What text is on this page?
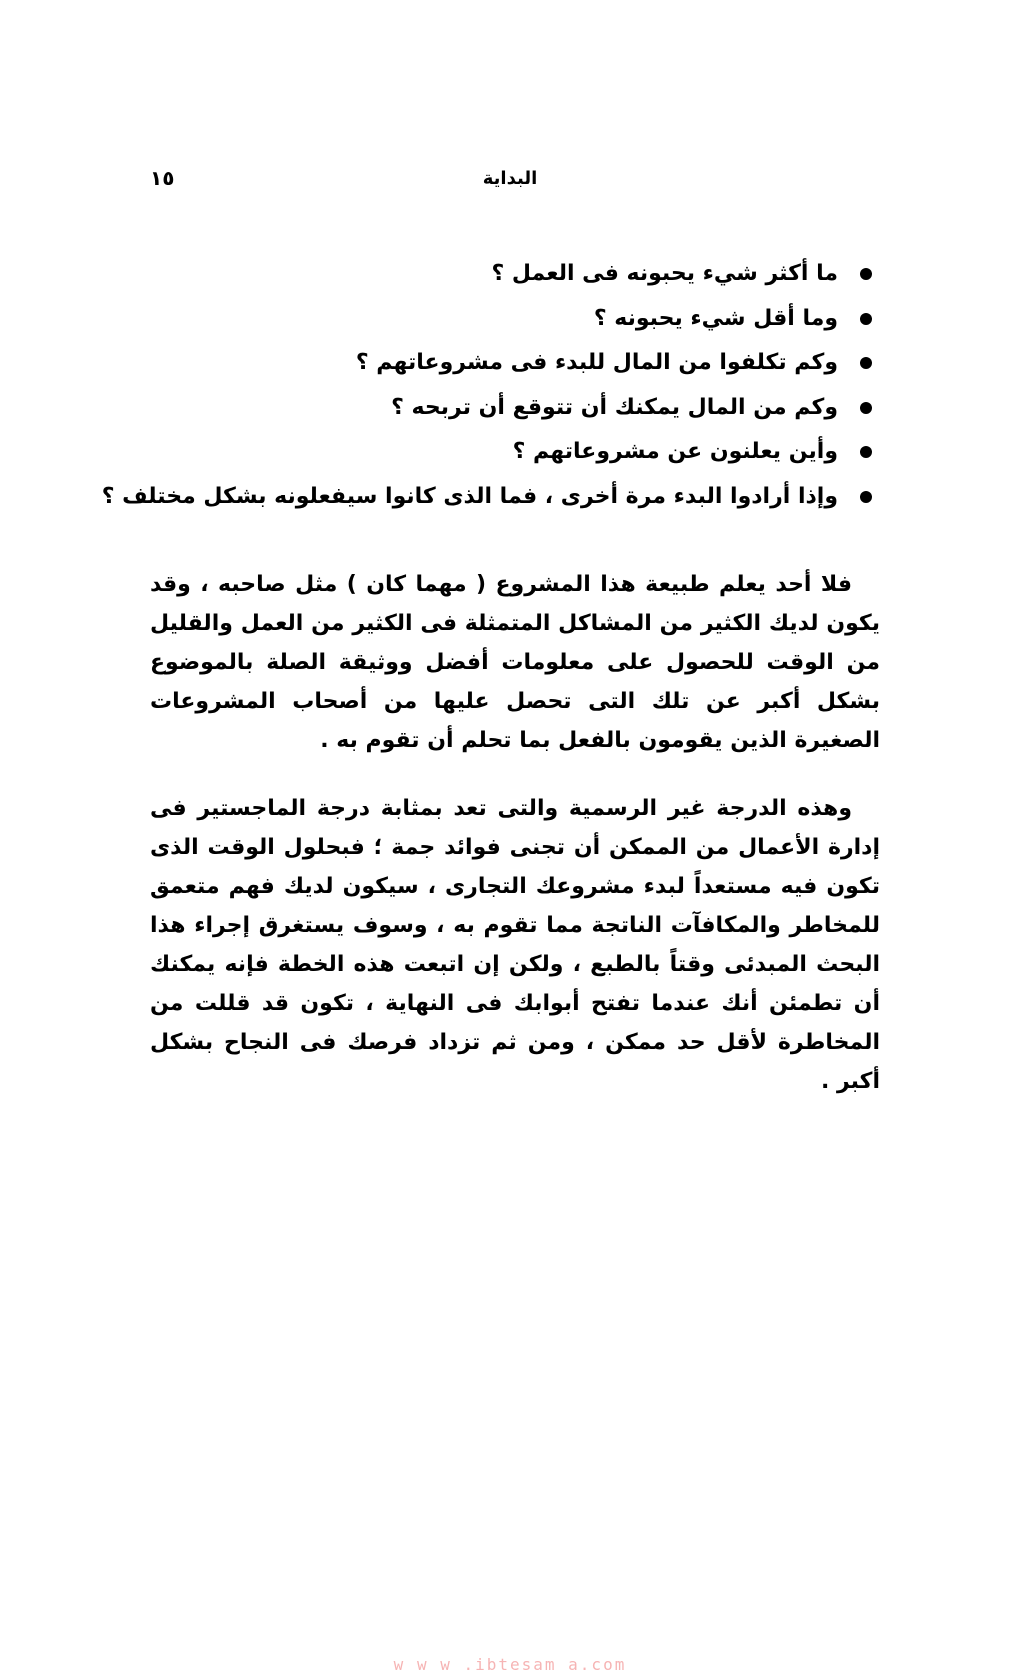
البداية
١٥
ما أكثر شيء يحبونه فى العمل ؟
وما أقل شيء يحبونه ؟
وكم تكلفوا من المال للبدء فى مشروعاتهم ؟
وكم من المال يمكنك أن تتوقع أن تربحه ؟
وأين يعلنون عن مشروعاتهم ؟
وإذا أرادوا البدء مرة أخرى ، فما الذى كانوا سيفعلونه بشكل مختلف ؟

فلا أحد يعلم طبيعة هذا المشروع ( مهما كان ) مثل صاحبه ، وقد يكون لديك الكثير من المشاكل المتمثلة فى الكثير من العمل والقليل من الوقت للحصول على معلومات أفضل ووثيقة الصلة بالموضوع بشكل أكبر عن تلك التى تحصل عليها من أصحاب المشروعات الصغيرة الذين يقومون بالفعل بما تحلم أن تقوم به .

وهذه الدرجة غير الرسمية والتى تعد بمثابة درجة الماجستير فى إدارة الأعمال من الممكن أن تجنى فوائد جمة ؛ فبحلول الوقت الذى تكون فيه مستعداً لبدء مشروعك التجارى ، سيكون لديك فهم متعمق للمخاطر والمكافآت الناتجة مما تقوم به ، وسوف يستغرق إجراء هذا البحث المبدئى وقتاً بالطبع ، ولكن إن اتبعت هذه الخطة فإنه يمكنك أن تطمئن أنك عندما تفتح أبوابك فى النهاية ، تكون قد قللت من المخاطرة لأقل حد ممكن ، ومن ثم تزداد فرصك فى النجاح بشكل أكبر .

w w w .ibtesam a.com
